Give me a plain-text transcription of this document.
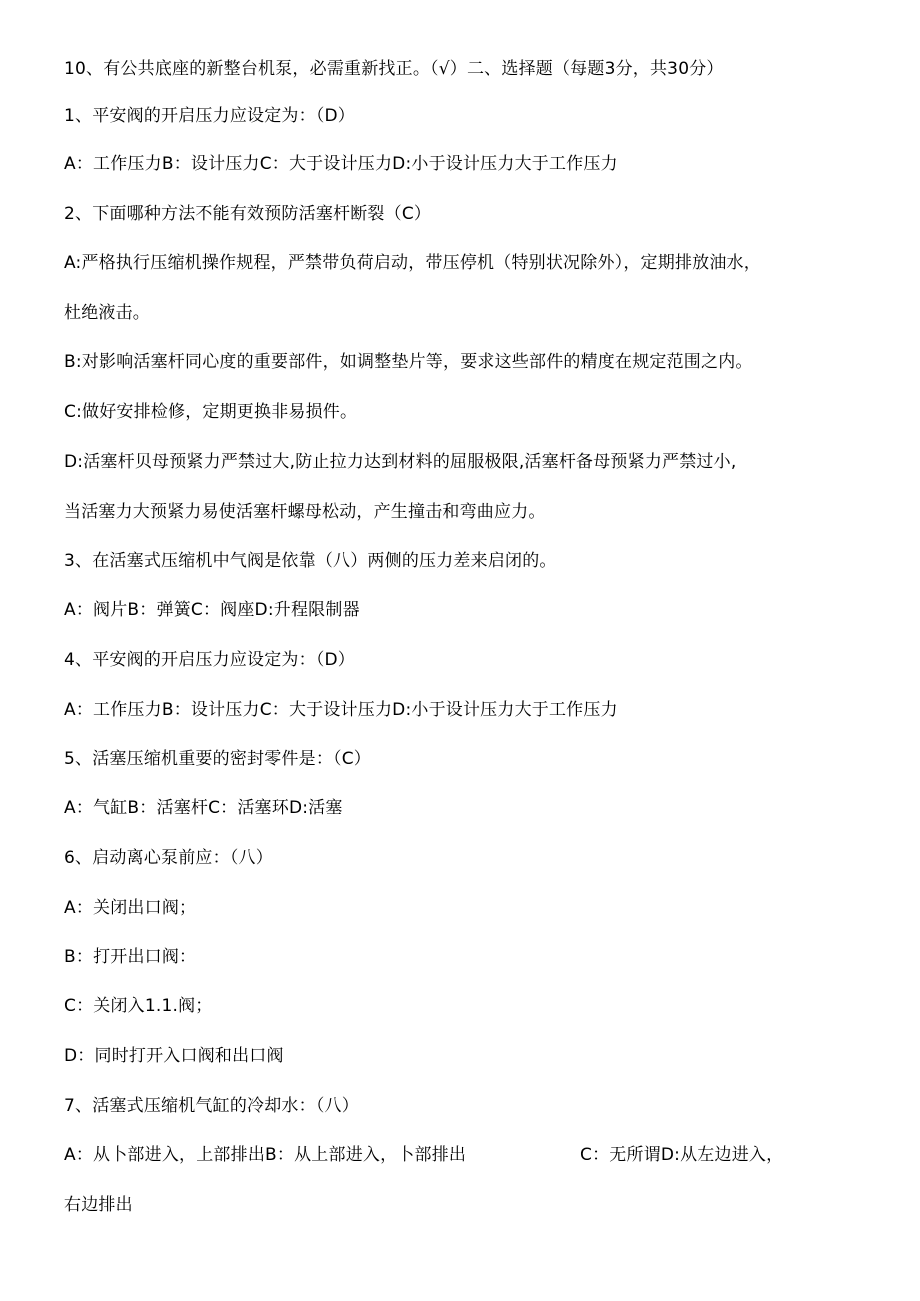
10、有公共底座的新整台机泵，必需重新找正。（√）二、选择题（每题3分，共30分）
1、平安阀的开启压力应设定为：（D）
A：工作压力B：设计压力C：大于设计压力D:小于设计压力大于工作压力
2、下面哪种方法不能有效预防活塞杆断裂（C）
A:严格执行压缩机操作规程，严禁带负荷启动，带压停机（特别状况除外），定期排放油水，
杜绝液击。
B:对影响活塞杆同心度的重要部件，如调整垫片等，要求这些部件的精度在规定范围之内。
C:做好安排检修，定期更换非易损件。
D:活塞杆贝母预紧力严禁过大,防止拉力达到材料的屈服极限,活塞杆备母预紧力严禁过小,
当活塞力大预紧力易使活塞杆螺母松动，产生撞击和弯曲应力。
3、在活塞式压缩机中气阀是依靠（八）两侧的压力差来启闭的。
A：阀片B：弹簧C：阀座D:升程限制器
4、平安阀的开启压力应设定为：（D）
A：工作压力B：设计压力C：大于设计压力D:小于设计压力大于工作压力
5、活塞压缩机重要的密封零件是：（C）
A：气缸B：活塞杆C：活塞环D:活塞
6、启动离心泵前应：（八）
A：关闭出口阀；
B：打开出口阀：
C：关闭入1.1.阀；
D：同时打开入口阀和出口阀
7、活塞式压缩机气缸的冷却水：（八）
A：从卜部进入，上部排出B：从上部进入，卜部排出	C：无所谓D:从左边进入，
右边排出
